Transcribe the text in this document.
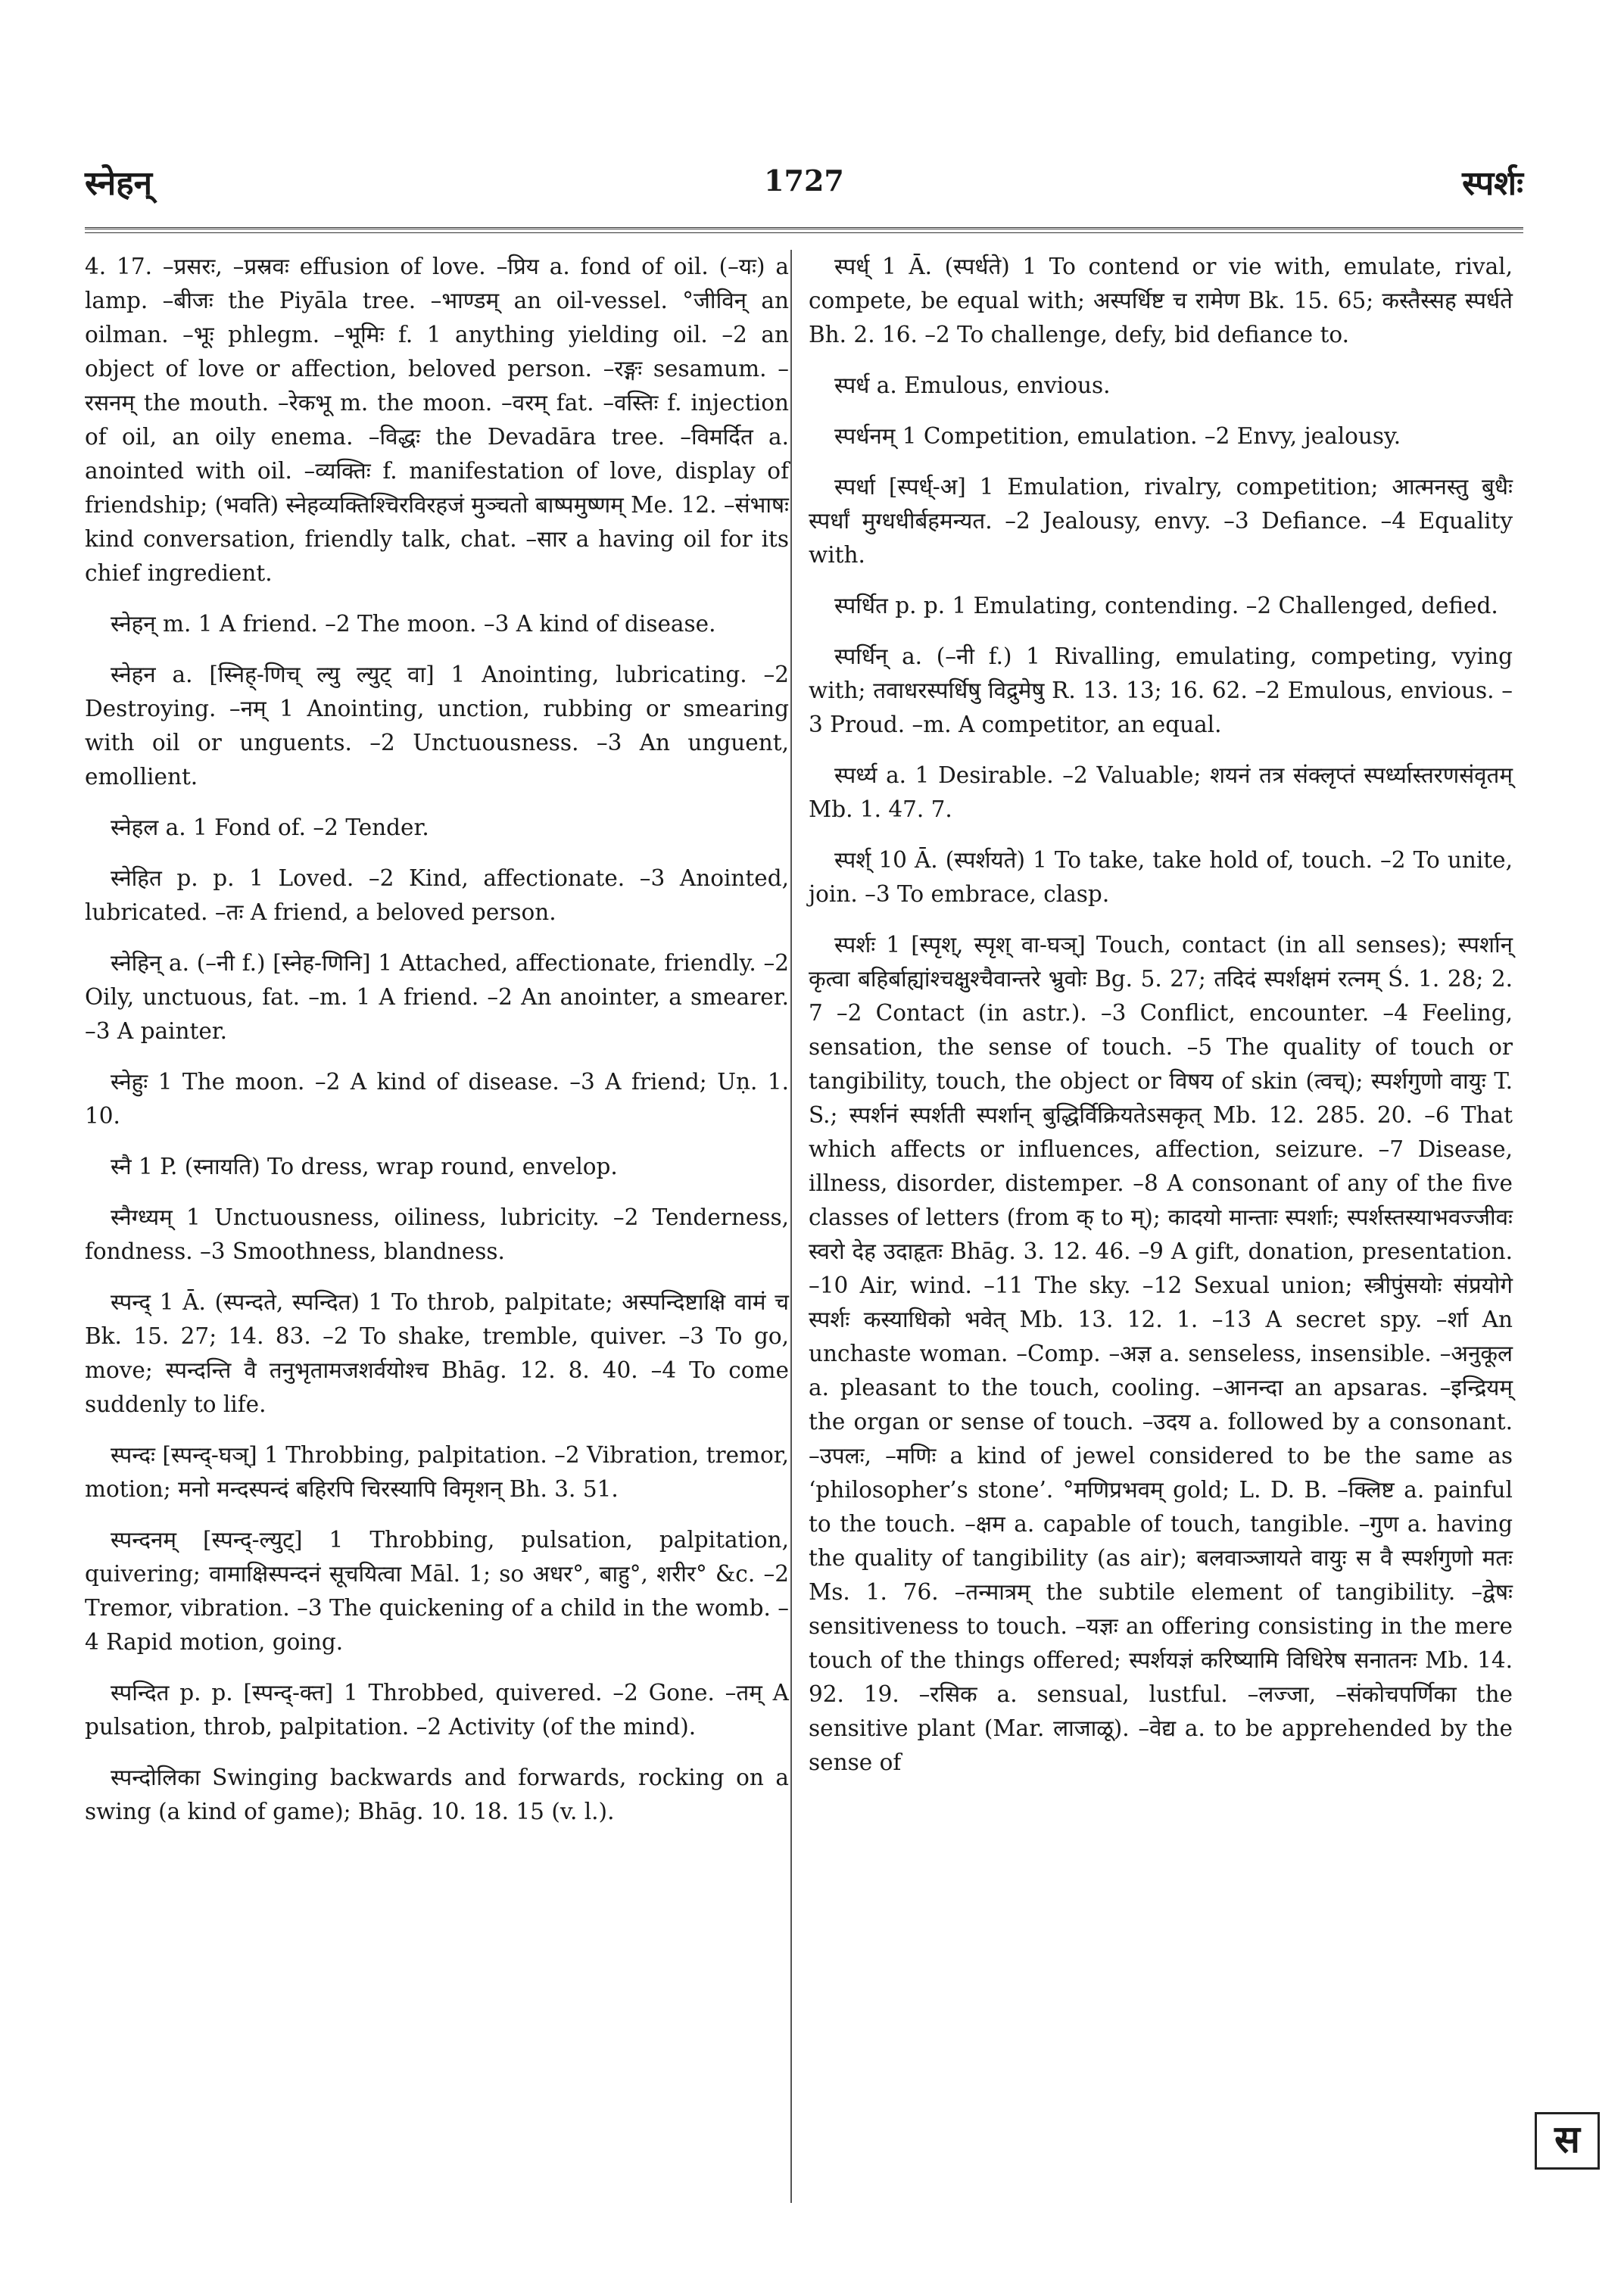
स्नेहन्	1727	स्पर्शः

4. 17. –प्रसरः, –प्रस्रवः effusion of love. –प्रिय a. fond of oil. (–यः) a lamp. –बीजः the Piyāla tree. –भाण्डम् an oil-vessel. °जीविन् an oilman. –भूः phlegm. –भूमिः f. 1 anything yielding oil. –2 an object of love or affection, beloved person. –रङ्गः sesamum. –रसनम् the mouth. –रेकभू m. the moon. –वरम् fat. –वस्तिः f. injection of oil, an oily enema. –विद्धः the Devadāra tree. –विमर्दित a. anointed with oil. –व्यक्तिः f. manifestation of love, display of friendship; (भवति) स्नेहव्यक्तिश्चिरविरहजं मुञ्चतो बाष्पमुष्णम् Me. 12. –संभाषः kind conversation, friendly talk, chat. –सार a having oil for its chief ingredient.

स्नेहन् m. 1 A friend. –2 The moon. –3 A kind of disease.

स्नेहन a. [स्निह्-णिच् ल्यु ल्युट् वा] 1 Anointing, lubricating. –2 Destroying. –नम् 1 Anointing, unction, rubbing or smearing with oil or unguents. –2 Unctuousness. –3 An unguent, emollient.

स्नेहल a. 1 Fond of. –2 Tender.

स्नेहित p. p. 1 Loved. –2 Kind, affectionate. –3 Anointed, lubricated. –तः A friend, a beloved person.

स्नेहिन् a. (–नी f.) [स्नेह-णिनि] 1 Attached, affectionate, friendly. –2 Oily, unctuous, fat. –m. 1 A friend. –2 An anointer, a smearer. –3 A painter.

स्नेहुः 1 The moon. –2 A kind of disease. –3 A friend; Uṇ. 1. 10.

स्नै 1 P. (स्नायति) To dress, wrap round, envelop.

स्नैग्ध्यम् 1 Unctuousness, oiliness, lubricity. –2 Tenderness, fondness. –3 Smoothness, blandness.

स्पन्द् 1 Ā. (स्पन्दते, स्पन्दित) 1 To throb, palpitate; अस्पन्दिष्टाक्षि वामं च Bk. 15. 27; 14. 83. –2 To shake, tremble, quiver. –3 To go, move; स्पन्दन्ति वै तनुभृतामजशर्वयोश्च Bhāg. 12. 8. 40. –4 To come suddenly to life.

स्पन्दः [स्पन्द्-घञ्] 1 Throbbing, palpitation. –2 Vibration, tremor, motion; मनो मन्दस्पन्दं बहिरपि चिरस्यापि विमृशन् Bh. 3. 51.

स्पन्दनम् [स्पन्द्-ल्युट्] 1 Throbbing, pulsation, palpitation, quivering; वामाक्षिस्पन्दनं सूचयित्वा Māl. 1; so अधर°, बाहु°, शरीर° &c. –2 Tremor, vibration. –3 The quickening of a child in the womb. –4 Rapid motion, going.

स्पन्दित p. p. [स्पन्द्-क्त] 1 Throbbed, quivered. –2 Gone. –तम् A pulsation, throb, palpitation. –2 Activity (of the mind).

स्पन्दोलिका Swinging backwards and forwards, rocking on a swing (a kind of game); Bhāg. 10. 18. 15 (v. l.).

स्पर्ध् 1 Ā. (स्पर्धते) 1 To contend or vie with, emulate, rival, compete, be equal with; अस्पर्धिष्ट च रामेण Bk. 15. 65; कस्तैस्सह स्पर्धते Bh. 2. 16. –2 To challenge, defy, bid defiance to.

स्पर्ध a. Emulous, envious.

स्पर्धनम् 1 Competition, emulation. –2 Envy, jealousy.

स्पर्धा [स्पर्ध्-अ] 1 Emulation, rivalry, competition; आत्मनस्तु बुधैः स्पर्धां मुग्धधीर्बहमन्यत. –2 Jealousy, envy. –3 Defiance. –4 Equality with.

स्पर्धित p. p. 1 Emulating, contending. –2 Challenged, defied.

स्पर्धिन् a. (–नी f.) 1 Rivalling, emulating, competing, vying with; तवाधरस्पर्धिषु विद्रुमेषु R. 13. 13; 16. 62. –2 Emulous, envious. –3 Proud. –m. A competitor, an equal.

स्पर्ध्य a. 1 Desirable. –2 Valuable; शयनं तत्र संक्लृप्तं स्पर्ध्यास्तरणसंवृतम् Mb. 1. 47. 7.

स्पर्श् 10 Ā. (स्पर्शयते) 1 To take, take hold of, touch. –2 To unite, join. –3 To embrace, clasp.

स्पर्शः 1 [स्पृश्, स्पृश् वा-घञ्] Touch, contact (in all senses); स्पर्शान् कृत्वा बहिर्बाह्यांश्चक्षुश्चैवान्तरे भ्रुवोः Bg. 5. 27; तदिदं स्पर्शक्षमं रत्नम् Ś. 1. 28; 2. 7 –2 Contact (in astr.). –3 Conflict, encounter. –4 Feeling, sensation, the sense of touch. –5 The quality of touch or tangibility, touch, the object or विषय of skin (त्वच्); स्पर्शगुणो वायुः T. S.; स्पर्शनं स्पर्शती स्पर्शान् बुद्धिर्विक्रियतेऽसकृत् Mb. 12. 285. 20. –6 That which affects or influences, affection, seizure. –7 Disease, illness, disorder, distemper. –8 A consonant of any of the five classes of letters (from क् to म्); कादयो मान्ताः स्पर्शाः; स्पर्शस्तस्याभवज्जीवः स्वरो देह उदाहृतः Bhāg. 3. 12. 46. –9 A gift, donation, presentation. –10 Air, wind. –11 The sky. –12 Sexual union; स्त्रीपुंसयोः संप्रयोगे स्पर्शः कस्याधिको भवेत् Mb. 13. 12. 1. –13 A secret spy. –र्शा An unchaste woman. –Comp. –अज्ञ a. senseless, insensible. –अनुकूल a. pleasant to the touch, cooling. –आनन्दा an apsaras. –इन्द्रियम् the organ or sense of touch. –उदय a. followed by a consonant. –उपलः, –मणिः a kind of jewel considered to be the same as ‘philosopher’s stone’. °मणिप्रभवम् gold; L. D. B. –क्लिष्ट a. painful to the touch. –क्षम a. capable of touch, tangible. –गुण a. having the quality of tangibility (as air); बलवाञ्जायते वायुः स वै स्पर्शगुणो मतः Ms. 1. 76. –तन्मात्रम् the subtile element of tangibility. –द्वेषः sensitiveness to touch. –यज्ञः an offering consisting in the mere touch of the things offered; स्पर्शयज्ञं करिष्यामि विधिरेष सनातनः Mb. 14. 92. 19. –रसिक a. sensual, lustful. –लज्जा, –संकोचपर्णिका the sensitive plant (Mar. लाजाळू). –वेद्य a. to be apprehended by the sense of

स
